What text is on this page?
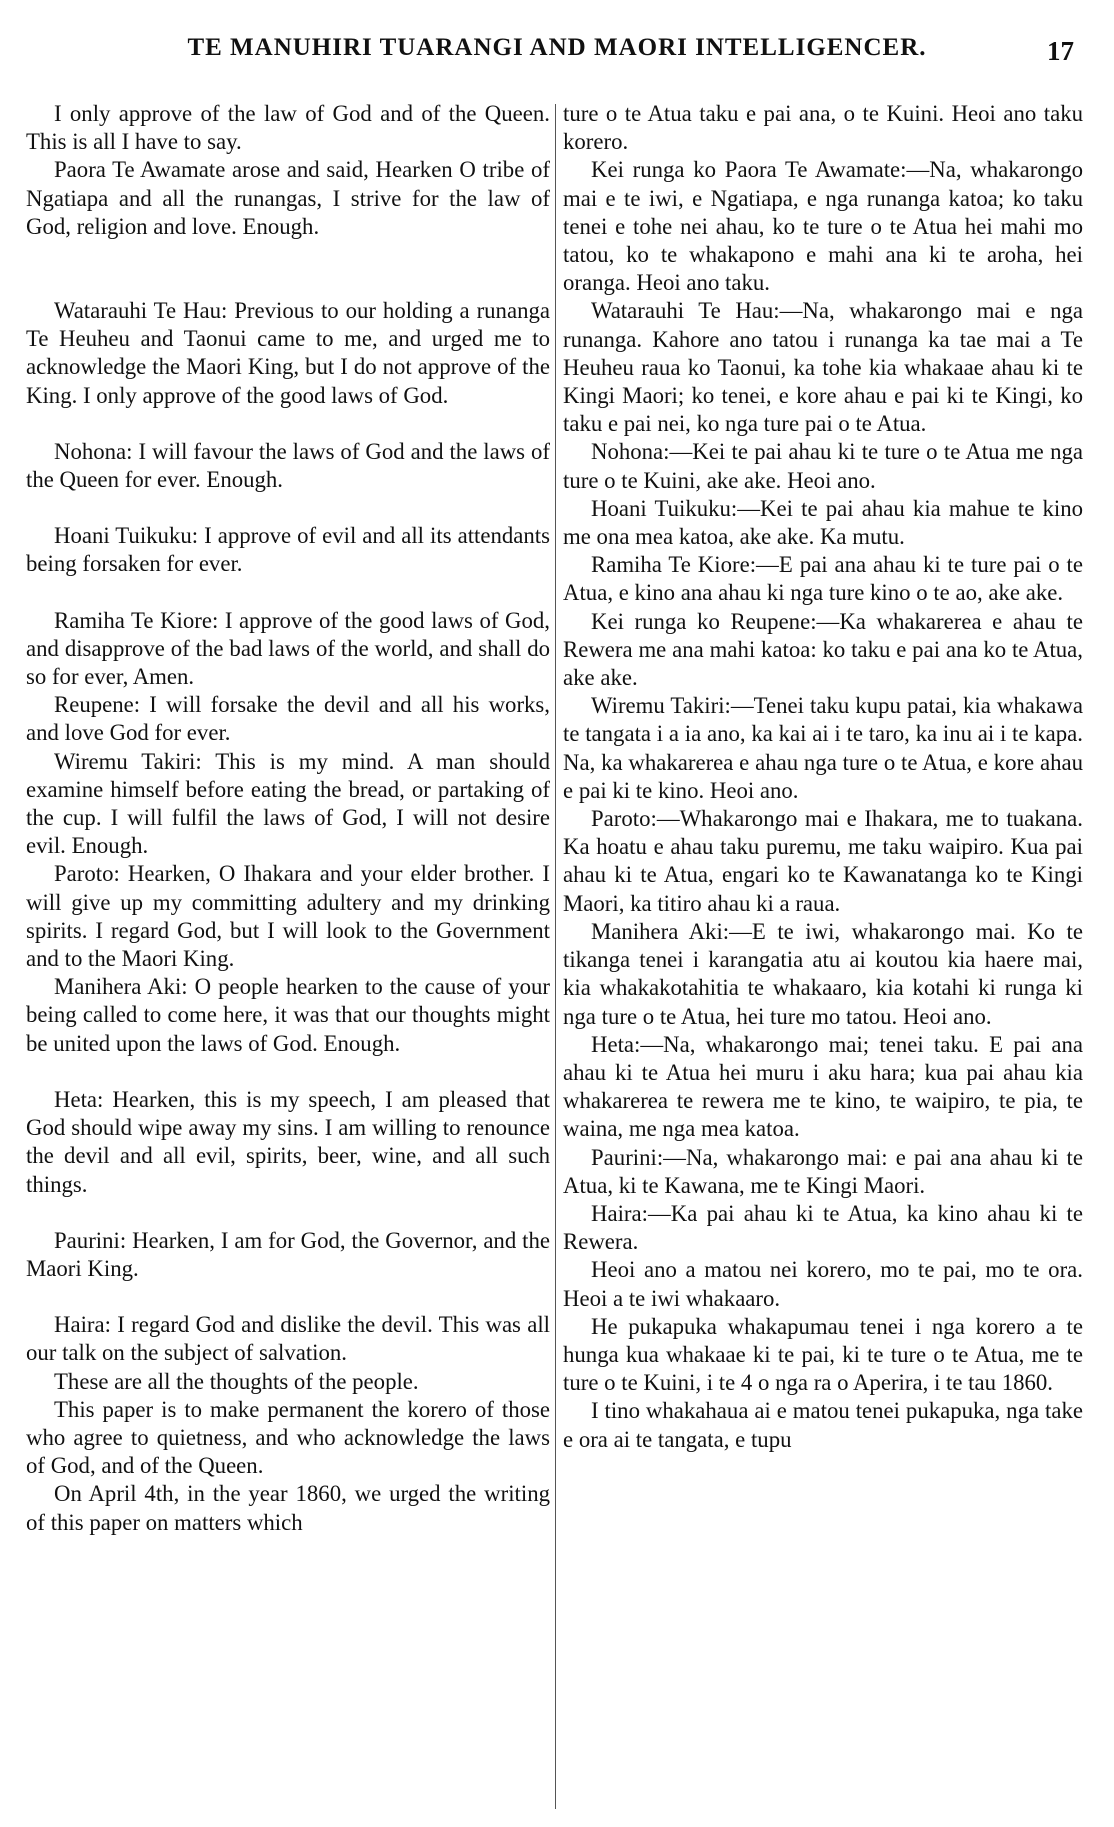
TE MANUHIRI TUARANGI AND MAORI INTELLIGENCER.	17

I only approve of the law of God and of the Queen. This is all I have to say.

Paora Te Awamate arose and said, Hearken O tribe of Ngatiapa and all the runangas, I strive for the law of God, religion and love. Enough.

Watarauhi Te Hau: Previous to our holding a runanga Te Heuheu and Taonui came to me, and urged me to acknowledge the Maori King, but I do not approve of the King. I only approve of the good laws of God.

Nohona: I will favour the laws of God and the laws of the Queen for ever. Enough.

Hoani Tuikuku: I approve of evil and all its attendants being forsaken for ever.

Ramiha Te Kiore: I approve of the good laws of God, and disapprove of the bad laws of the world, and shall do so for ever, Amen.

Reupene: I will forsake the devil and all his works, and love God for ever.

Wiremu Takiri: This is my mind. A man should examine himself before eating the bread, or partaking of the cup. I will fulfil the laws of God, I will not desire evil. Enough.

Paroto: Hearken, O Ihakara and your elder brother. I will give up my committing adultery and my drinking spirits. I regard God, but I will look to the Government and to the Maori King.

Manihera Aki: O people hearken to the cause of your being called to come here, it was that our thoughts might be united upon the laws of God. Enough.

Heta: Hearken, this is my speech, I am pleased that God should wipe away my sins. I am willing to renounce the devil and all evil, spirits, beer, wine, and all such things.

Paurini: Hearken, I am for God, the Governor, and the Maori King.

Haira: I regard God and dislike the devil. This was all our talk on the subject of salvation.

These are all the thoughts of the people.

This paper is to make permanent the korero of those who agree to quietness, and who acknowledge the laws of God, and of the Queen.

On April 4th, in the year 1860, we urged the writing of this paper on matters which

ture o te Atua taku e pai ana, o te Kuini. Heoi ano taku korero.

Kei runga ko Paora Te Awamate:—Na, whakarongo mai e te iwi, e Ngatiapa, e nga runanga katoa; ko taku tenei e tohe nei ahau, ko te ture o te Atua hei mahi mo tatou, ko te whakapono e mahi ana ki te aroha, hei oranga. Heoi ano taku.

Watarauhi Te Hau:—Na, whakarongo mai e nga runanga. Kahore ano tatou i runanga ka tae mai a Te Heuheu raua ko Taonui, ka tohe kia whakaae ahau ki te Kingi Maori; ko tenei, e kore ahau e pai ki te Kingi, ko taku e pai nei, ko nga ture pai o te Atua.

Nohona:—Kei te pai ahau ki te ture o te Atua me nga ture o te Kuini, ake ake. Heoi ano.

Hoani Tuikuku:—Kei te pai ahau kia mahue te kino me ona mea katoa, ake ake. Ka mutu.

Ramiha Te Kiore:—E pai ana ahau ki te ture pai o te Atua, e kino ana ahau ki nga ture kino o te ao, ake ake.

Kei runga ko Reupene:—Ka whakarerea e ahau te Rewera me ana mahi katoa: ko taku e pai ana ko te Atua, ake ake.

Wiremu Takiri:—Tenei taku kupu patai, kia whakawa te tangata i a ia ano, ka kai ai i te taro, ka inu ai i te kapa. Na, ka whakarerea e ahau nga ture o te Atua, e kore ahau e pai ki te kino. Heoi ano.

Paroto:—Whakarongo mai e Ihakara, me to tuakana. Ka hoatu e ahau taku puremu, me taku waipiro. Kua pai ahau ki te Atua, engari ko te Kawanatanga ko te Kingi Maori, ka titiro ahau ki a raua.

Manihera Aki:—E te iwi, whakarongo mai. Ko te tikanga tenei i karangatia atu ai koutou kia haere mai, kia whakakotahitia te whakaaro, kia kotahi ki runga ki nga ture o te Atua, hei ture mo tatou. Heoi ano.

Heta:—Na, whakarongo mai; tenei taku. E pai ana ahau ki te Atua hei muru i aku hara; kua pai ahau kia whakarerea te rewera me te kino, te waipiro, te pia, te waina, me nga mea katoa.

Paurini:—Na, whakarongo mai: e pai ana ahau ki te Atua, ki te Kawana, me te Kingi Maori.

Haira:—Ka pai ahau ki te Atua, ka kino ahau ki te Rewera.

Heoi ano a matou nei korero, mo te pai, mo te ora. Heoi a te iwi whakaaro.

He pukapuka whakapumau tenei i nga korero a te hunga kua whakaae ki te pai, ki te ture o te Atua, me te ture o te Kuini, i te 4 o nga ra o Aperira, i te tau 1860.

I tino whakahaua ai e matou tenei pukapuka, nga take e ora ai te tangata, e tupu
